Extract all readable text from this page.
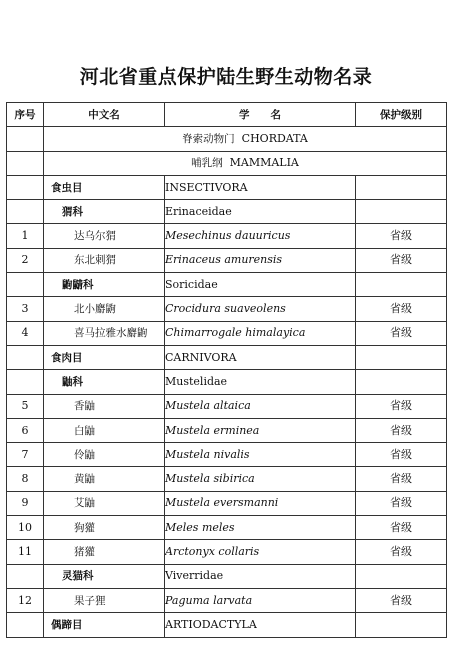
河北省重点保护陆生野生动物名录
序号	中文名	学　　名	保护级别
	脊索动物门 CHORDATA		
	哺乳纲 MAMMALIA		
	食虫目	INSECTIVORA	
	猬科	Erinaceidae	
1	达乌尔猬	Mesechinus dauuricus	省级
2	东北刺猬	Erinaceus amurensis	省级
	鼩鼱科	Soricidae	
3	北小麝鼩	Crocidura suaveolens	省级
4	喜马拉雅水麝鼩	Chimarrogale himalayica	省级
	食肉目	CARNIVORA	
	鼬科	Mustelidae	
5	香鼬	Mustela altaica	省级
6	白鼬	Mustela erminea	省级
7	伶鼬	Mustela nivalis	省级
8	黄鼬	Mustela sibirica	省级
9	艾鼬	Mustela eversmanni	省级
10	狗獾	Meles meles	省级
11	猪獾	Arctonyx collaris	省级
	灵猫科	Viverridae	
12	果子狸	Paguma larvata	省级
	偶蹄目	ARTIODACTYLA	
